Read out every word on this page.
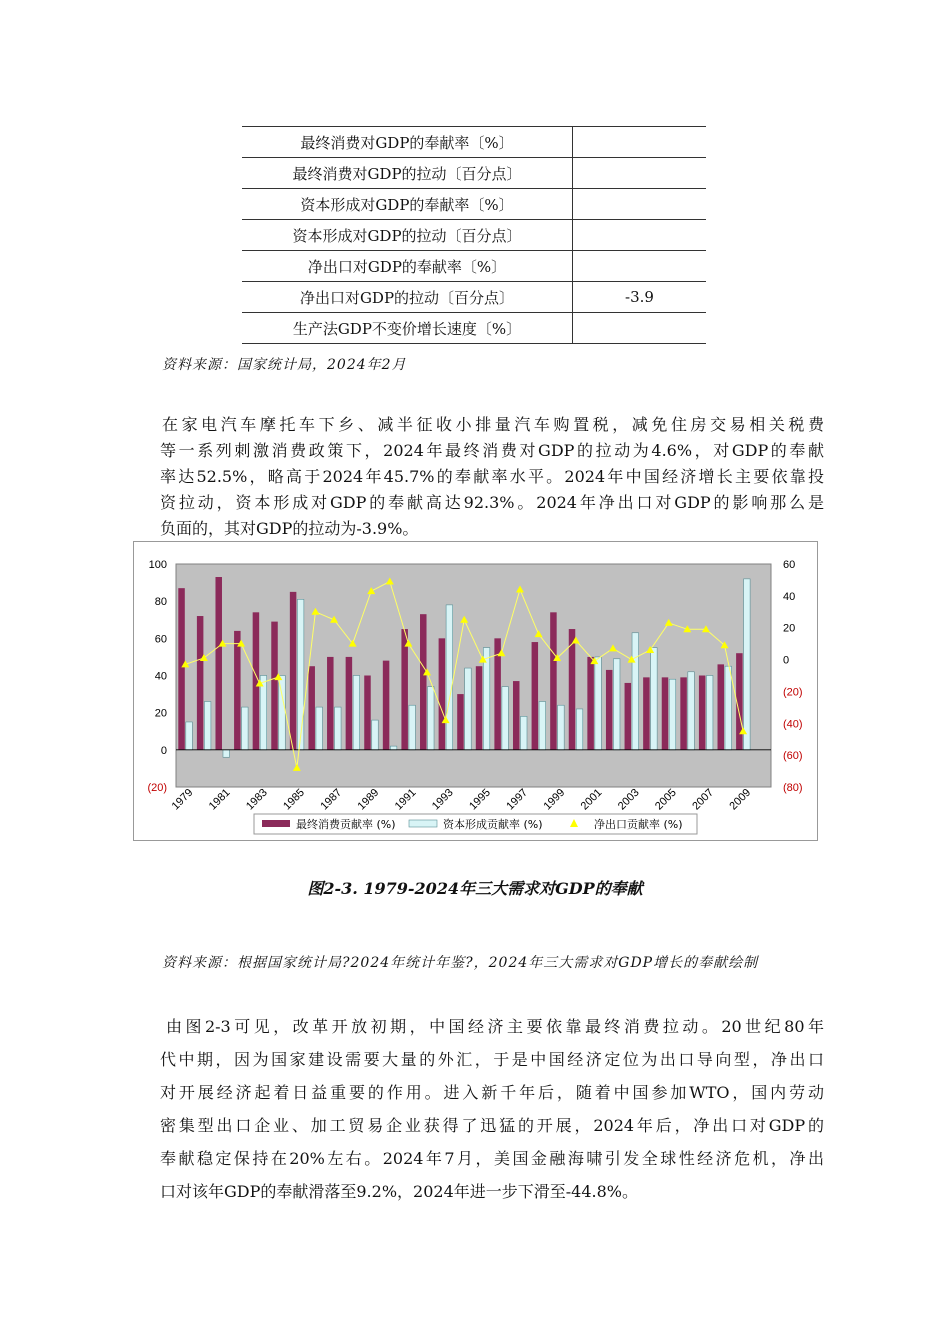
最终消费对GDP的奉献率〔%〕	
最终消费对GDP的拉动〔百分点〕	
资本形成对GDP的奉献率〔%〕	
资本形成对GDP的拉动〔百分点〕	
净出口对GDP的奉献率〔%〕	
净出口对GDP的拉动〔百分点〕	-3.9
生产法GDP不变价增长速度〔%〕	
资料来源：国家统计局，2024年2月

在家电汽车摩托车下乡、减半征收小排量汽车购置税，减免住房交易相关税费
等一系列刺激消费政策下，2024年最终消费对GDP的拉动为4.6%，对GDP的奉献
率达52.5%，略高于2024年45.7%的奉献率水平。2024年中国经济增长主要依靠投
资拉动，资本形成对GDP的奉献高达92.3%。2024年净出口对GDP的影响那么是
负面的，其对GDP的拉动为-3.9%。

100
80
60
40
20
0
(20)
60
40
20
0
(20)
(40)
(60)
(80)
1979 1981 1983 1985 1987 1989 1991 1993 1995 1997 1999 2001 2003 2005 2007 2009
最终消费贡献率 (%)	资本形成贡献率 (%)	净出口贡献率 (%)
图2-3. 1979-2024年三大需求对GDP的奉献
资料来源：根据国家统计局?2024年统计年鉴?，2024年三大需求对GDP增长的奉献绘制

由图2-3可见，改革开放初期，中国经济主要依靠最终消费拉动。20世纪80年
代中期，因为国家建设需要大量的外汇，于是中国经济定位为出口导向型，净出口
对开展经济起着日益重要的作用。进入新千年后，随着中国参加WTO，国内劳动
密集型出口企业、加工贸易企业获得了迅猛的开展，2024年后，净出口对GDP的
奉献稳定保持在20%左右。2024年7月，美国金融海啸引发全球性经济危机，净出
口对该年GDP的奉献滑落至9.2%，2024年进一步下滑至-44.8%。
